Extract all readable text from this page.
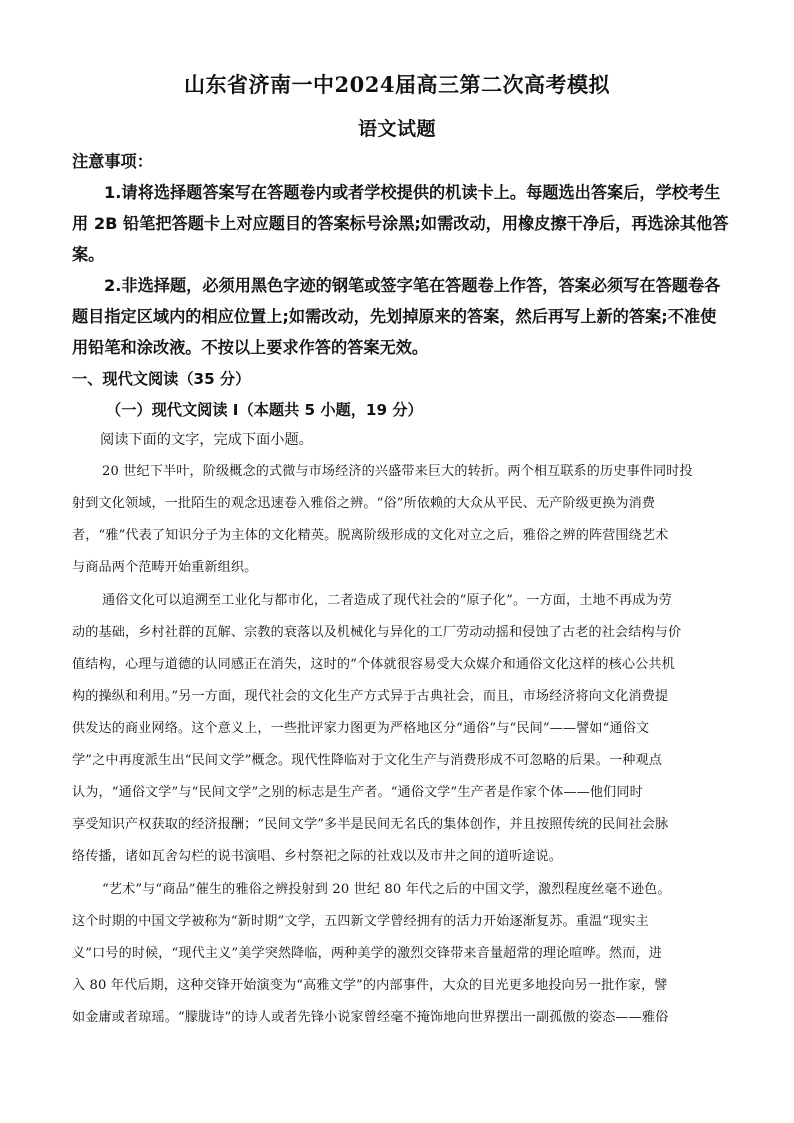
山东省济南一中2024届高三第二次高考模拟
语文试题
注意事项：
1.请将选择题答案写在答题卷内或者学校提供的机读卡上。每题选出答案后，学校考生
用 2B 铅笔把答题卡上对应题目的答案标号涂黑;如需改动，用橡皮擦干净后，再选涂其他答
案。
2.非选择题，必须用黑色字迹的钢笔或签字笔在答题卷上作答，答案必须写在答题卷各
题目指定区域内的相应位置上;如需改动，先划掉原来的答案，然后再写上新的答案;不准使
用铅笔和涂改液。不按以上要求作答的答案无效。
一、现代文阅读（35 分）
（一）现代文阅读 I（本题共 5 小题，19 分）
阅读下面的文字，完成下面小题。
20 世纪下半叶，阶级概念的式微与市场经济的兴盛带来巨大的转折。两个相互联系的历史事件同时投
射到文化领域，一批陌生的观念迅速卷入雅俗之辨。“俗”所依赖的大众从平民、无产阶级更换为消费
者，“雅”代表了知识分子为主体的文化精英。脱离阶级形成的文化对立之后，雅俗之辨的阵营围绕艺术
与商品两个范畴开始重新组织。
通俗文化可以追溯至工业化与都市化，二者造成了现代社会的“原子化”。一方面，土地不再成为劳
动的基础，乡村社群的瓦解、宗教的衰落以及机械化与异化的工厂劳动动摇和侵蚀了古老的社会结构与价
值结构，心理与道德的认同感正在消失，这时的“个体就很容易受大众媒介和通俗文化这样的核心公共机
构的操纵和利用。”另一方面，现代社会的文化生产方式异于古典社会，而且，市场经济将向文化消费提
供发达的商业网络。这个意义上，一些批评家力图更为严格地区分“通俗”与“民间”——譬如“通俗文
学”之中再度派生出“民间文学”概念。现代性降临对于文化生产与消费形成不可忽略的后果。一种观点
认为，“通俗文学”与“民间文学”之别的标志是生产者。“通俗文学”生产者是作家个体——他们同时
享受知识产权获取的经济报酬；“民间文学”多半是民间无名氏的集体创作，并且按照传统的民间社会脉
络传播，诸如瓦舍勾栏的说书演唱、乡村祭祀之际的社戏以及市井之间的道听途说。
“艺术”与“商品”催生的雅俗之辨投射到 20 世纪 80 年代之后的中国文学，激烈程度丝毫不逊色。
这个时期的中国文学被称为“新时期”文学，五四新文学曾经拥有的活力开始逐渐复苏。重温“现实主
义”口号的时候，“现代主义”美学突然降临，两种美学的激烈交锋带来音量超常的理论喧哗。然而，进
入 80 年代后期，这种交锋开始演变为“高雅文学”的内部事件，大众的目光更多地投向另一批作家，譬
如金庸或者琼瑶。“朦胧诗”的诗人或者先锋小说家曾经毫不掩饰地向世界摆出一副孤傲的姿态——雅俗
